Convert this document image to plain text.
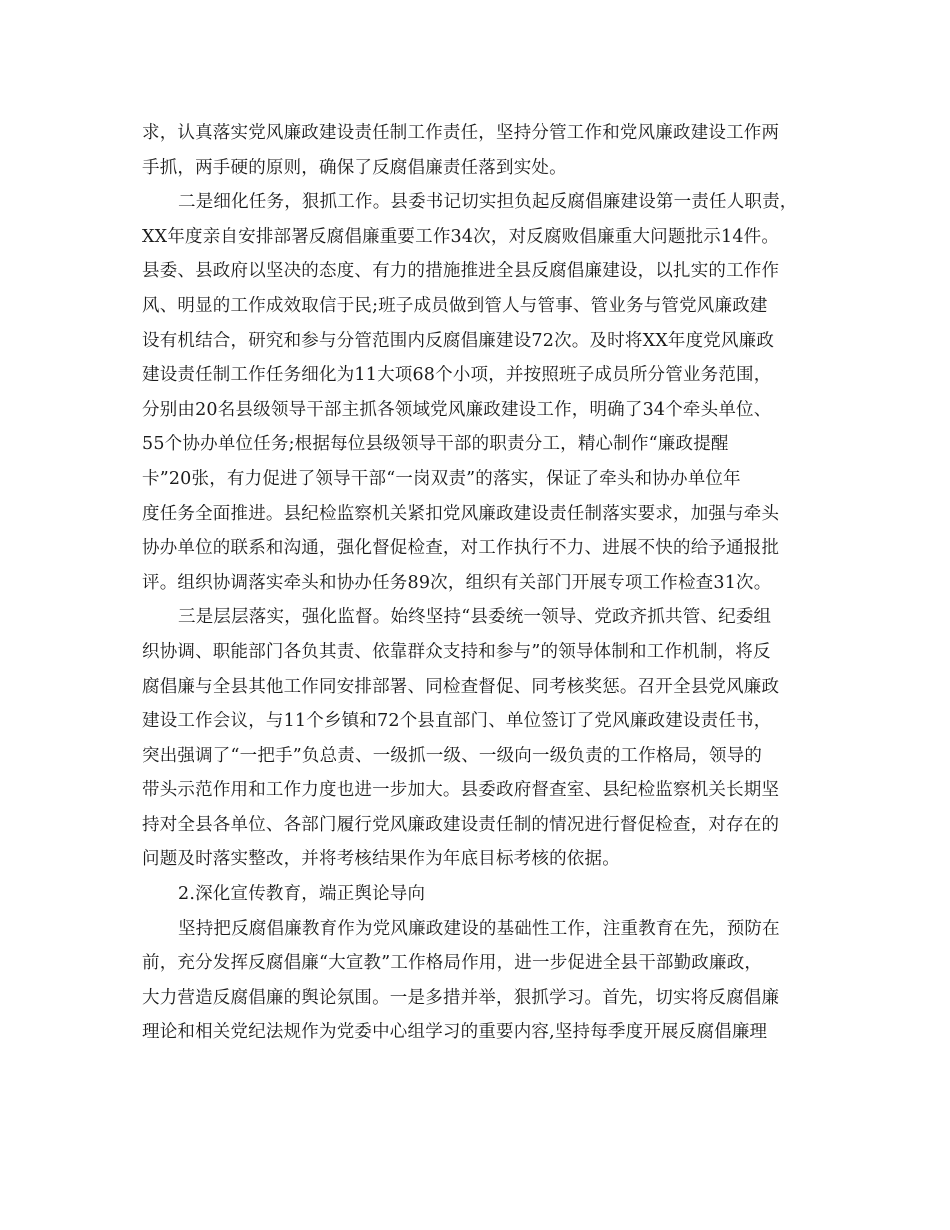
求，认真落实党风廉政建设责任制工作责任，坚持分管工作和党风廉政建设工作两
手抓，两手硬的原则，确保了反腐倡廉责任落到实处。
二是细化任务，狠抓工作。县委书记切实担负起反腐倡廉建设第一责任人职责，
XX年度亲自安排部署反腐倡廉重要工作34次，对反腐败倡廉重大问题批示14件。
县委、县政府以坚决的态度、有力的措施推进全县反腐倡廉建设，以扎实的工作作
风、明显的工作成效取信于民;班子成员做到管人与管事、管业务与管党风廉政建
设有机结合，研究和参与分管范围内反腐倡廉建设72次。及时将XX年度党风廉政
建设责任制工作任务细化为11大项68个小项，并按照班子成员所分管业务范围，
分别由20名县级领导干部主抓各领域党风廉政建设工作，明确了34个牵头单位、
55个协办单位任务;根据每位县级领导干部的职责分工，精心制作“廉政提醒
卡”20张，有力促进了领导干部“一岗双责”的落实，保证了牵头和协办单位年
度任务全面推进。县纪检监察机关紧扣党风廉政建设责任制落实要求，加强与牵头
协办单位的联系和沟通，强化督促检查，对工作执行不力、进展不快的给予通报批
评。组织协调落实牵头和协办任务89次，组织有关部门开展专项工作检查31次。
三是层层落实，强化监督。始终坚持“县委统一领导、党政齐抓共管、纪委组
织协调、职能部门各负其责、依靠群众支持和参与”的领导体制和工作机制，将反
腐倡廉与全县其他工作同安排部署、同检查督促、同考核奖惩。召开全县党风廉政
建设工作会议，与11个乡镇和72个县直部门、单位签订了党风廉政建设责任书，
突出强调了“一把手”负总责、一级抓一级、一级向一级负责的工作格局，领导的
带头示范作用和工作力度也进一步加大。县委政府督查室、县纪检监察机关长期坚
持对全县各单位、各部门履行党风廉政建设责任制的情况进行督促检查，对存在的
问题及时落实整改，并将考核结果作为年底目标考核的依据。
2.深化宣传教育，端正舆论导向
坚持把反腐倡廉教育作为党风廉政建设的基础性工作，注重教育在先，预防在
前，充分发挥反腐倡廉“大宣教”工作格局作用，进一步促进全县干部勤政廉政，
大力营造反腐倡廉的舆论氛围。一是多措并举，狠抓学习。首先，切实将反腐倡廉
理论和相关党纪法规作为党委中心组学习的重要内容,坚持每季度开展反腐倡廉理
